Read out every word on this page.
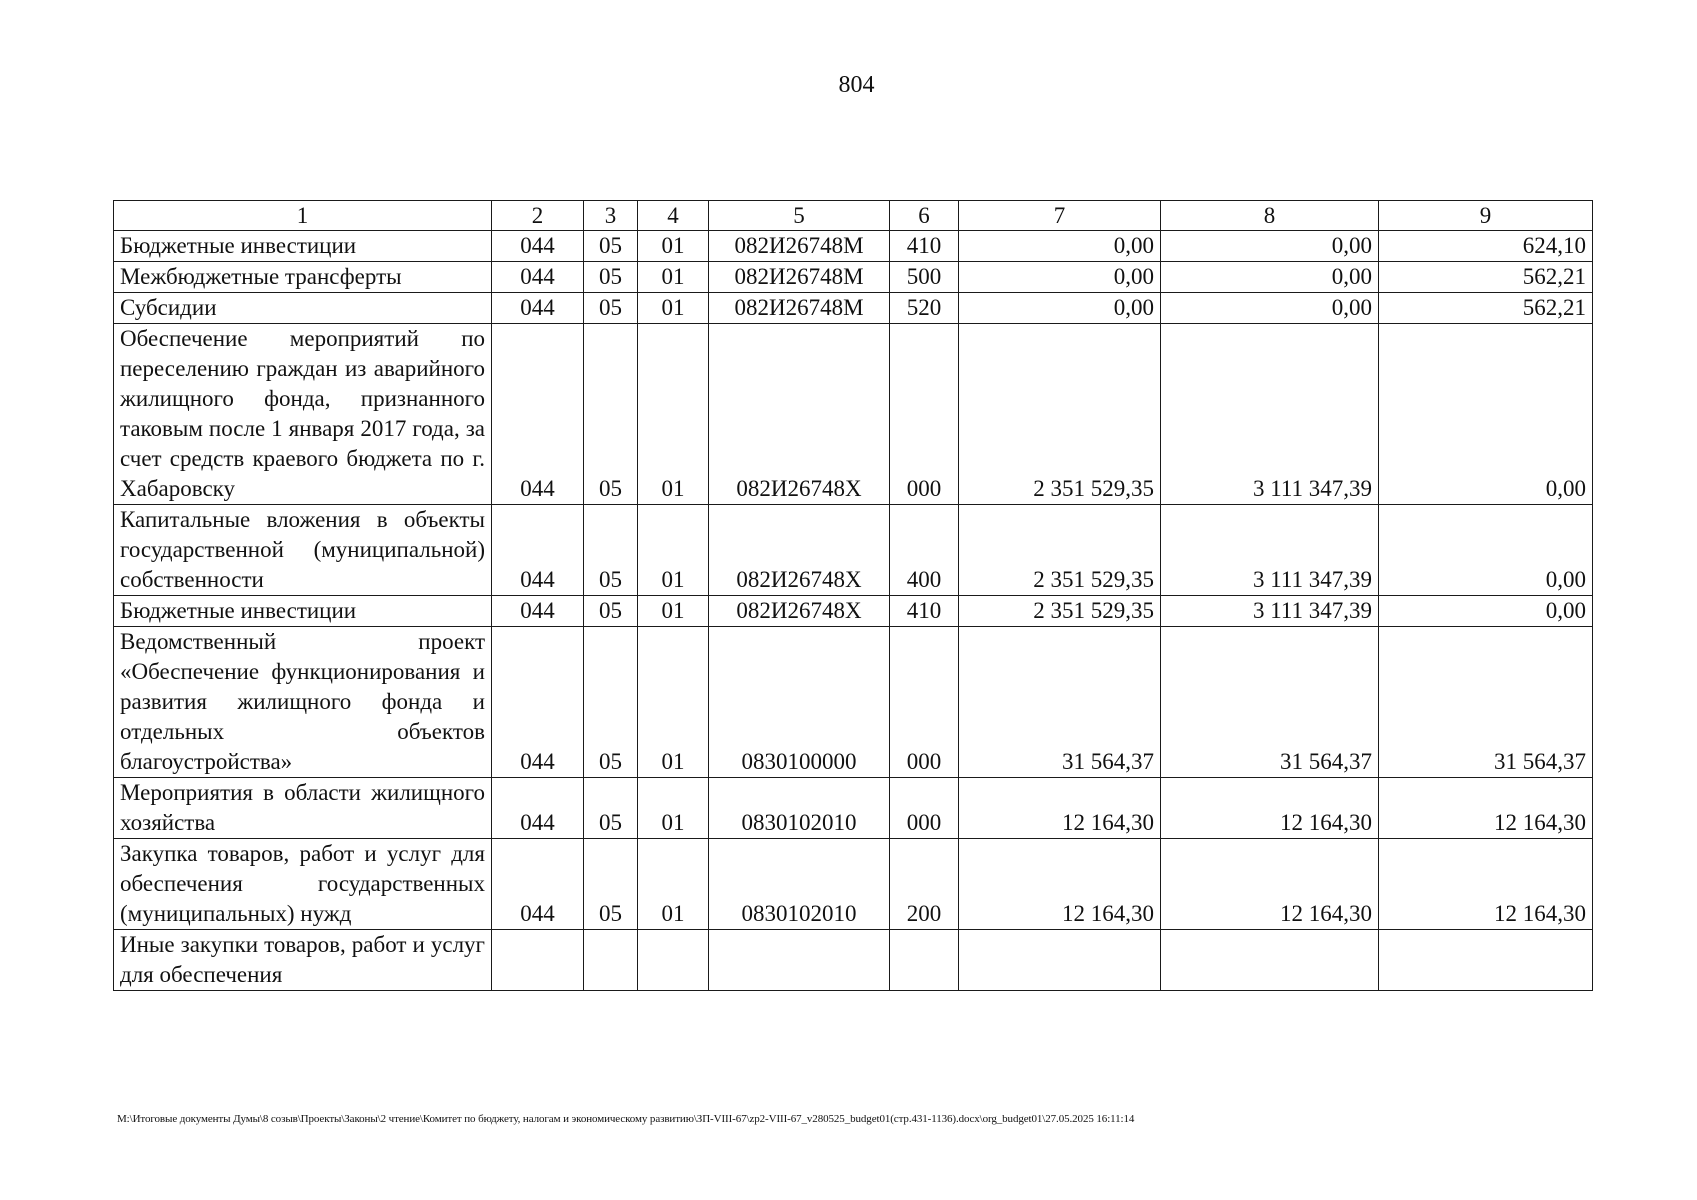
804
1	2	3	4	5	6	7	8	9
Бюджетные инвестиции	044	05	01	082И26748М	410	0,00	0,00	624,10
Межбюджетные трансферты	044	05	01	082И26748М	500	0,00	0,00	562,21
Субсидии	044	05	01	082И26748М	520	0,00	0,00	562,21
Обеспечение мероприятий по переселению граждан из аварийного жилищного фонда, признанного таковым после 1 января 2017 года, за счет средств краевого бюджета по г. Хабаровску	044	05	01	082И26748Х	000	2 351 529,35	3 111 347,39	0,00
Капитальные вложения в объекты государственной (муниципальной) собственности	044	05	01	082И26748Х	400	2 351 529,35	3 111 347,39	0,00
Бюджетные инвестиции	044	05	01	082И26748Х	410	2 351 529,35	3 111 347,39	0,00
Ведомственный проект «Обеспечение функционирования и развития жилищного фонда и отдельных объектов благоустройства»	044	05	01	0830100000	000	31 564,37	31 564,37	31 564,37
Мероприятия в области жилищного хозяйства	044	05	01	0830102010	000	12 164,30	12 164,30	12 164,30
Закупка товаров, работ и услуг для обеспечения государственных (муниципальных) нужд	044	05	01	0830102010	200	12 164,30	12 164,30	12 164,30
Иные закупки товаров, работ и услуг для обеспечения								
M:\Итоговые документы Думы\8 созыв\Проекты\Законы\2 чтение\Комитет по бюджету, налогам и экономическому развитию\ЗП-VIII-67\zp2-VIII-67_v280525_budget01(стр.431-1136).docx\org_budget01\27.05.2025 16:11:14
